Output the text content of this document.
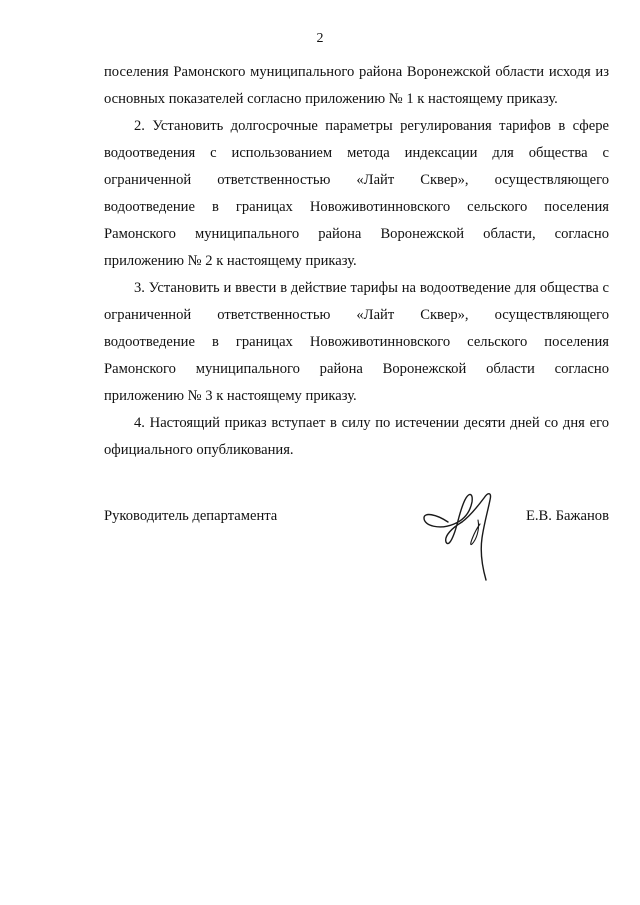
2

поселения Рамонского муниципального района Воронежской области исходя из основных показателей согласно приложению № 1 к настоящему приказу.

2. Установить долгосрочные параметры регулирования тарифов в сфере водоотведения с использованием метода индексации для общества с ограниченной ответственностью «Лайт Сквер», осуществляющего водоотведение в границах Новоживотинновского сельского поселения Рамонского муниципального района Воронежской области, согласно приложению № 2 к настоящему приказу.

3. Установить и ввести в действие тарифы на водоотведение для общества с ограниченной ответственностью «Лайт Сквер», осуществляющего водоотведение в границах Новоживотинновского сельского поселения Рамонского муниципального района Воронежской области согласно приложению № 3 к настоящему приказу.

4. Настоящий приказ вступает в силу по истечении десяти дней со дня его официального опубликования.

Руководитель департамента	Е.В. Бажанов
